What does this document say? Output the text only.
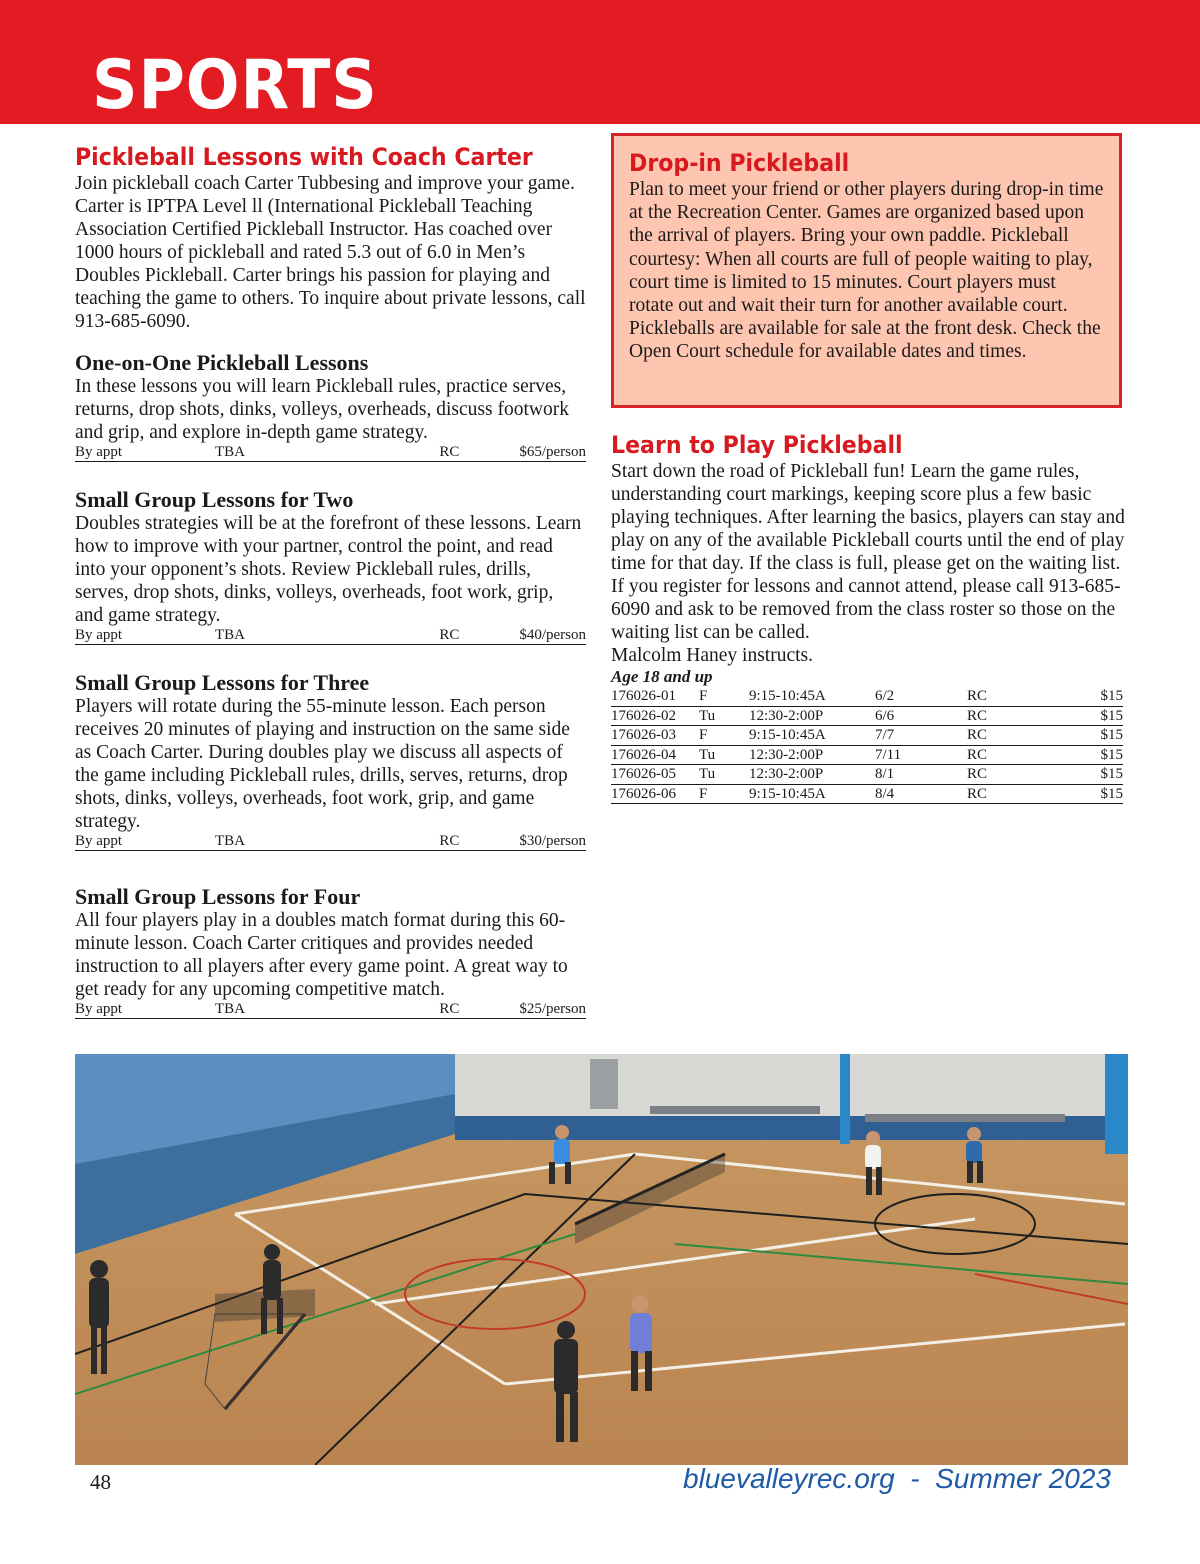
SPORTS
Pickleball Lessons with Coach Carter

Join pickleball coach Carter Tubbesing and improve your game. Carter is IPTPA Level ll (International Pickleball Teaching Association Certified Pickleball Instructor. Has coached over 1000 hours of pickleball and rated 5.3 out of 6.0 in Men’s Doubles Pickleball. Carter brings his passion for playing and teaching the game to others. To inquire about private lessons, call 913-685-6090.

One-on-One Pickleball Lessons

In these lessons you will learn Pickleball rules, practice serves, returns, drop shots, dinks, volleys, overheads, discuss footwork and grip, and explore in-depth game strategy.

By appt	TBA	RC	$65/person
Small Group Lessons for Two

Doubles strategies will be at the forefront of these lessons. Learn how to improve with your partner, control the point, and read into your opponent’s shots. Review Pickleball rules, drills, serves, drop shots, dinks, volleys, overheads, foot work, grip, and game strategy.

By appt	TBA	RC	$40/person
Small Group Lessons for Three

Players will rotate during the 55-minute lesson. Each person receives 20 minutes of playing and instruction on the same side as Coach Carter. During doubles play we discuss all aspects of the game including Pickleball rules, drills, serves, returns, drop shots, dinks, volleys, overheads, foot work, grip, and game strategy.

By appt	TBA	RC	$30/person
Small Group Lessons for Four

All four players play in a doubles match format during this 60-minute lesson. Coach Carter critiques and provides needed instruction to all players after every game point. A great way to get ready for any upcoming competitive match.

By appt	TBA	RC	$25/person
Drop-in Pickleball

Plan to meet your friend or other players during drop-in time at the Recreation Center. Games are organized based upon the arrival of players. Bring your own paddle. Pickleball courtesy: When all courts are full of people waiting to play, court time is limited to 15 minutes. Court players must rotate out and wait their turn for another available court. Pickleballs are available for sale at the front desk. Check the Open Court schedule for available dates and times.

Learn to Play Pickleball

Start down the road of Pickleball fun! Learn the game rules, understanding court markings, keeping score plus a few basic playing techniques. After learning the basics, players can stay and play on any of the available Pickleball courts until the end of play time for that day. If the class is full, please get on the waiting list. If you register for lessons and cannot attend, please call 913-685-6090 and ask to be removed from the class roster so those on the waiting list can be called.

Malcolm Haney instructs.

Age 18 and up
176026-01	F	9:15-10:45A	6/2	RC	$15
176026-02	Tu	12:30-2:00P	6/6	RC	$15
176026-03	F	9:15-10:45A	7/7	RC	$15
176026-04	Tu	12:30-2:00P	7/11	RC	$15
176026-05	Tu	12:30-2:00P	8/1	RC	$15
176026-06	F	9:15-10:45A	8/4	RC	$15
48	bluevalleyrec.org  -  Summer 2023
